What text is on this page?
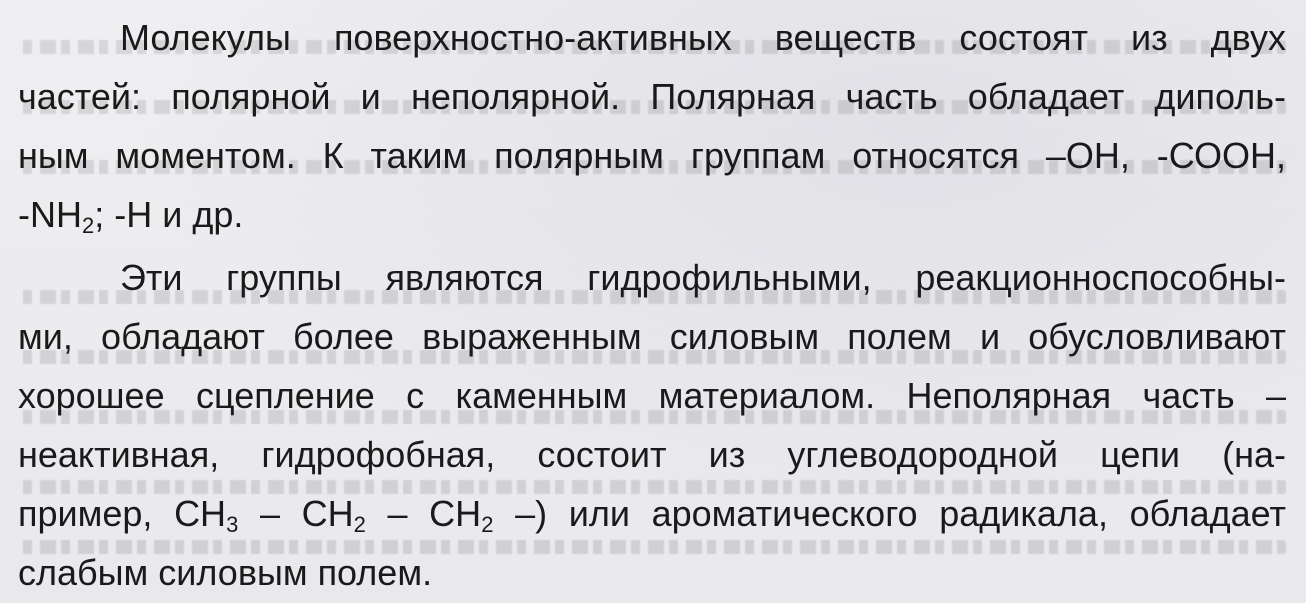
Молекулы поверхностно-активных веществ состоят из двух
частей: полярной и неполярной. Полярная часть обладает диполь-
ным моментом. К таким полярным группам относятся –ОН, -СООН,
$-NH_2$; -Н и др.
Эти группы являются гидрофильными, реакционноспособны-
ми, обладают более выраженным силовым полем и обусловливают
хорошее сцепление с каменным материалом. Неполярная часть –
неактивная, гидрофобная, состоит из углеводородной цепи (на-
пример, $СН_3 - СН_2 - СН_2$ –) или ароматического радикала, обладает
слабым силовым полем.
